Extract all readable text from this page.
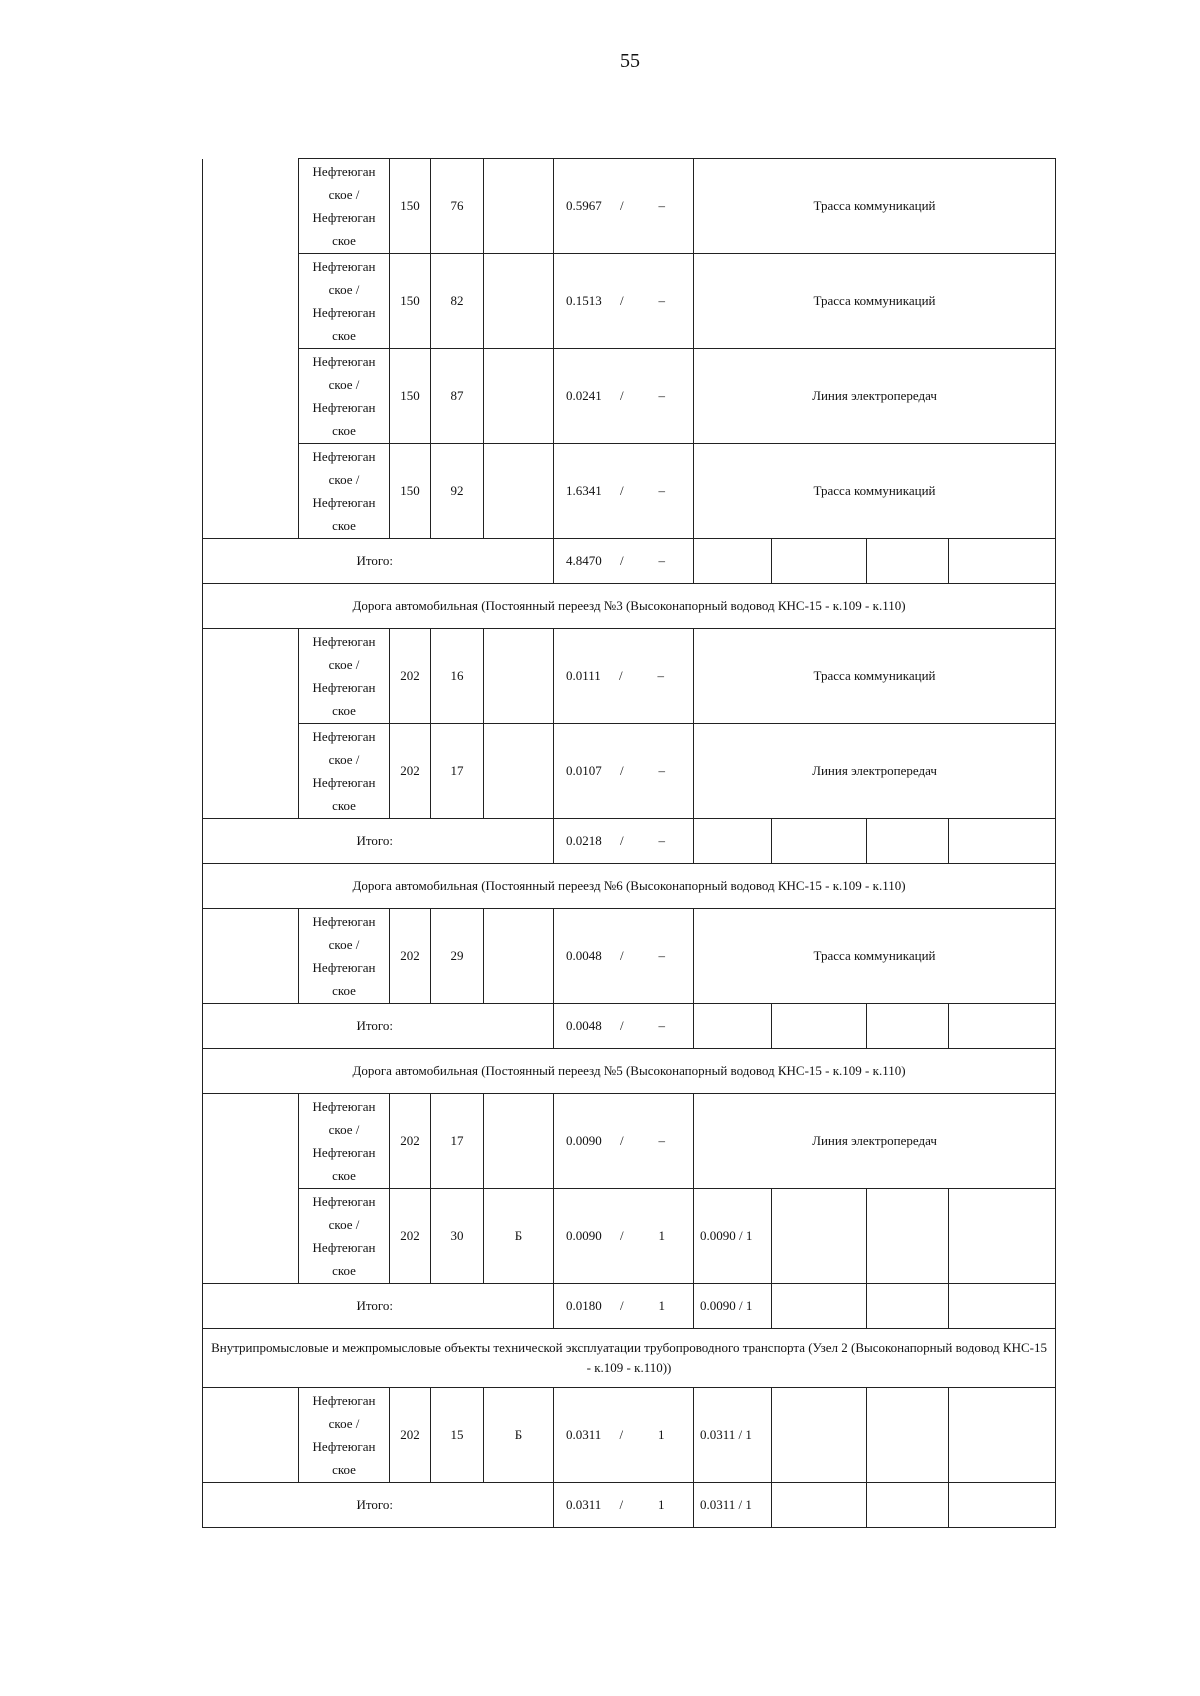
55

	Нефтеюган
ское /
Нефтеюган
ское	150	76		0.5967 / –	Трасса коммуникаций			

	Нефтеюган
ское /
Нефтеюган
ское	150	82		0.1513 / –	Трасса коммуникаций			

	Нефтеюган
ское /
Нефтеюган
ское	150	87		0.0241 / –	Линия электропередач			

	Нефтеюган
ское /
Нефтеюган
ское	150	92		1.6341 / –	Трасса коммуникаций			
Итого:					4.8470 / –				
Дорога автомобильная (Постоянный переезд №3 (Высоконапорный водовод КНС-15 - к.109 - к.110)									

	Нефтеюган
ское /
Нефтеюган
ское	202	16		0.0111 / –	Трасса коммуникаций			

	Нефтеюган
ское /
Нефтеюган
ское	202	17		0.0107 / –	Линия электропередач			
Итого:					0.0218 / –				
Дорога автомобильная (Постоянный переезд №6 (Высоконапорный водовод КНС-15 - к.109 - к.110)									

	Нефтеюган
ское /
Нефтеюган
ское	202	29		0.0048 / –	Трасса коммуникаций			
Итого:					0.0048 / –				
Дорога автомобильная (Постоянный переезд №5 (Высоконапорный водовод КНС-15 - к.109 - к.110)									

	Нефтеюган
ское /
Нефтеюган
ское	202	17		0.0090 / –	Линия электропередач			

	Нефтеюган
ское /
Нефтеюган
ское	202	30	Б	0.0090 / 1	0.0090 / 1			
Итого:					0.0180 / 1	0.0090 / 1			
Внутрипромысловые и межпромысловые объекты технической эксплуатации трубопроводного транспорта (Узел 2 (Высоконапорный водовод КНС-15 - к.109 - к.110))									

	Нефтеюган
ское /
Нефтеюган
ское	202	15	Б	0.0311 / 1	0.0311 / 1			
Итого:					0.0311 / 1	0.0311 / 1			
